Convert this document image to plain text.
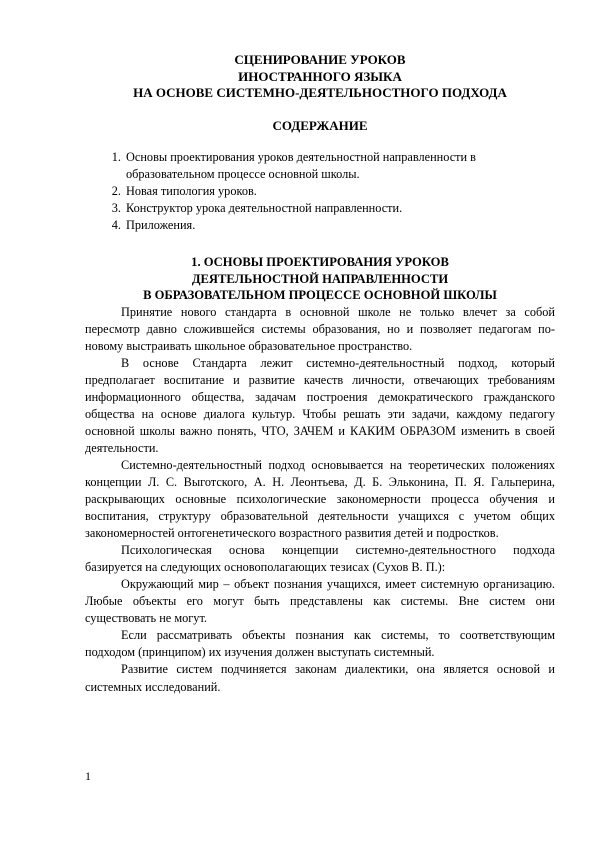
СЦЕНИРОВАНИЕ УРОКОВ
ИНОСТРАННОГО ЯЗЫКА
НА ОСНОВЕ СИСТЕМНО-ДЕЯТЕЛЬНОСТНОГО ПОДХОДА
СОДЕРЖАНИЕ
1. Основы проектирования уроков деятельностной направленности в образовательном процессе основной школы.
2. Новая типология уроков.
3. Конструктор урока деятельностной направленности.
4. Приложения.
1. ОСНОВЫ ПРОЕКТИРОВАНИЯ УРОКОВ
ДЕЯТЕЛЬНОСТНОЙ НАПРАВЛЕННОСТИ
В ОБРАЗОВАТЕЛЬНОМ ПРОЦЕССЕ ОСНОВНОЙ ШКОЛЫ

Принятие нового стандарта в основной школе не только влечет за собой пересмотр давно сложившейся системы образования, но и позволяет педагогам по-новому выстраивать школьное образовательное пространство.

В основе Стандарта лежит системно-деятельностный подход, который предполагает воспитание и развитие качеств личности, отвечающих требованиям информационного общества, задачам построения демократического гражданского общества на основе диалога культур. Чтобы решать эти задачи, каждому педагогу основной школы важно понять, ЧТО, ЗАЧЕМ и КАКИМ ОБРАЗОМ изменить в своей деятельности.

Системно-деятельностный подход основывается на теоретических положениях концепции Л. С. Выготского, А. Н. Леонтьева, Д. Б. Эльконина, П. Я. Гальперина, раскрывающих основные психологические закономерности процесса обучения и воспитания, структуру образовательной деятельности учащихся с учетом общих закономерностей онтогенетического возрастного развития детей и подростков.

Психологическая основа концепции системно-деятельностного подхода базируется на следующих основополагающих тезисах (Сухов В. П.):

Окружающий мир – объект познания учащихся, имеет системную организацию. Любые объекты его могут быть представлены как системы. Вне систем они существовать не могут.

Если рассматривать объекты познания как системы, то соответствующим подходом (принципом) их изучения должен выступать системный.

Развитие систем подчиняется законам диалектики, она является основой и системных исследований.

1
